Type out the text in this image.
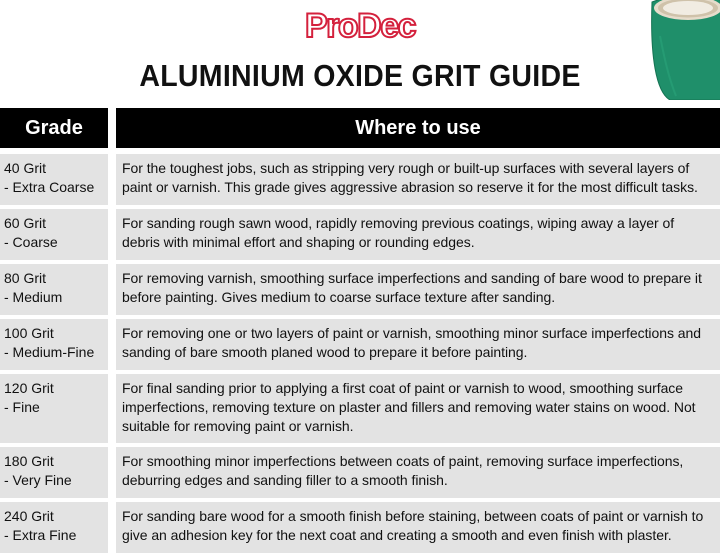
ProDec
ALUMINIUM OXIDE GRIT GUIDE
Grade	Where to use
40 Grit
- Extra Coarse
For the toughest jobs, such as stripping very rough or built-up surfaces with several layers of
paint or varnish. This grade gives aggressive abrasion so reserve it for the most difficult tasks.
60 Grit
- Coarse
For sanding rough sawn wood, rapidly removing previous coatings, wiping away a layer of
debris with minimal effort and shaping or rounding edges.
80 Grit
- Medium
For removing varnish, smoothing surface imperfections and sanding of bare wood to prepare it
before painting. Gives medium to coarse surface texture after sanding.
100 Grit
- Medium-Fine
For removing one or two layers of paint or varnish, smoothing minor surface imperfections and
sanding of bare smooth planed wood to prepare it before painting.
120 Grit
- Fine
For final sanding prior to applying a first coat of paint or varnish to wood, smoothing surface
imperfections, removing texture on plaster and fillers and removing water stains on wood. Not
suitable for removing paint or varnish.
180 Grit
- Very Fine
For smoothing minor imperfections between coats of paint, removing surface imperfections,
deburring edges and sanding filler to a smooth finish.
240 Grit
- Extra Fine
For sanding bare wood for a smooth finish before staining, between coats of paint or varnish to
give an adhesion key for the next coat and creating a smooth and even finish with plaster.
